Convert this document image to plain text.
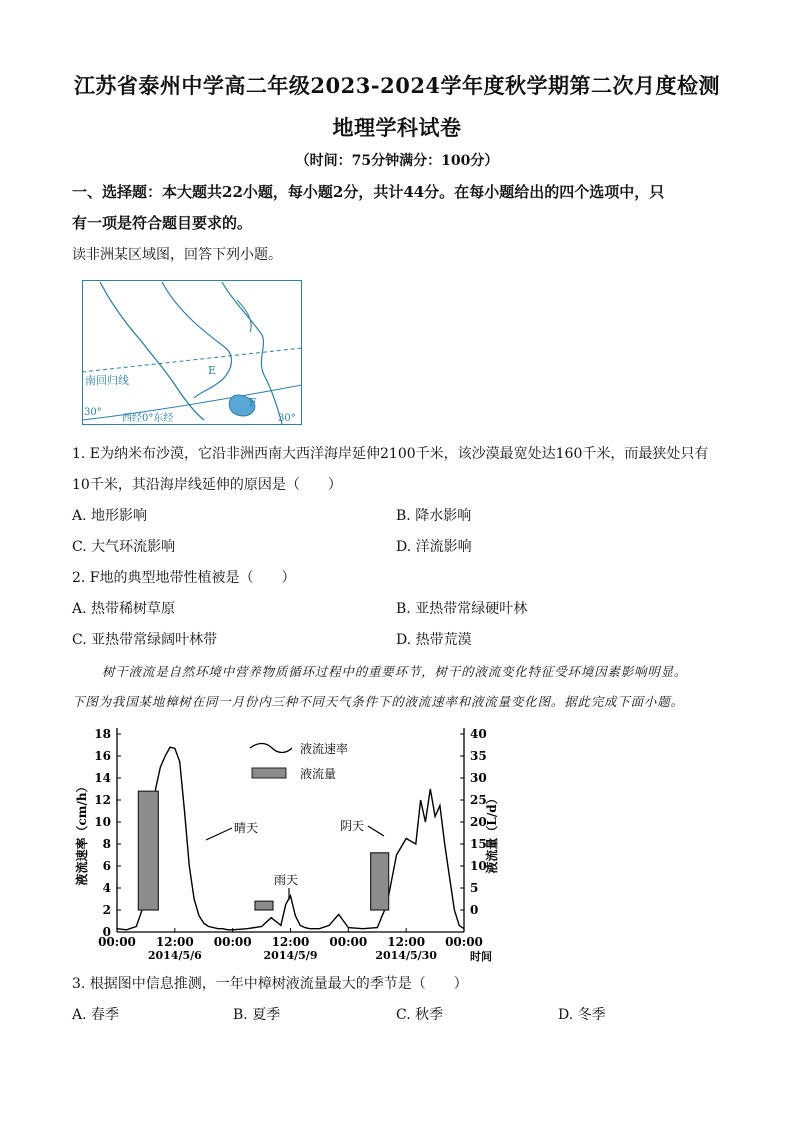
江苏省泰州中学高二年级2023-2024学年度秋学期第二次月度检测
地理学科试卷
（时间：75分钟满分：100分）
一、选择题：本大题共22小题，每小题2分，共计44分。在每小题给出的四个选项中，只
有一项是符合题目要求的。
读非洲某区域图，回答下列小题。
南回归线
E
F
30°
西经0°东经	30°
1. E为纳米布沙漠，它沿非洲西南大西洋海岸延伸2100千米，该沙漠最宽处达160千米，而最狭处只有
10千米，其沿海岸线延伸的原因是（　　）
A. 地形影响	B. 降水影响
C. 大气环流影响	D. 洋流影响
2. F地的典型地带性植被是（　　）
A. 热带稀树草原	B. 亚热带常绿硬叶林
C. 亚热带常绿阔叶林带	D. 热带荒漠
树干液流是自然环境中营养物质循环过程中的重要环节，树干的液流变化特征受环境因素影响明显。
下图为我国某地樟树在同一月份内三种不同天气条件下的液流速率和液流量变化图。据此完成下面小题。
0
2
4
6
8
10
12
14
16
18
0
5
10
15
20
25
30
35
40
液流速率（cm/h）	液流量（L/d）
00:00 12:00 00:00 12:00 00:00 12:00 00:00
2014/5/6	2014/5/9	2014/5/30	时间
液流速率
液流量
晴天
雨天
阴天
3. 根据图中信息推测，一年中樟树液流量最大的季节是（　　）
A. 春季	B. 夏季	C. 秋季	D. 冬季
